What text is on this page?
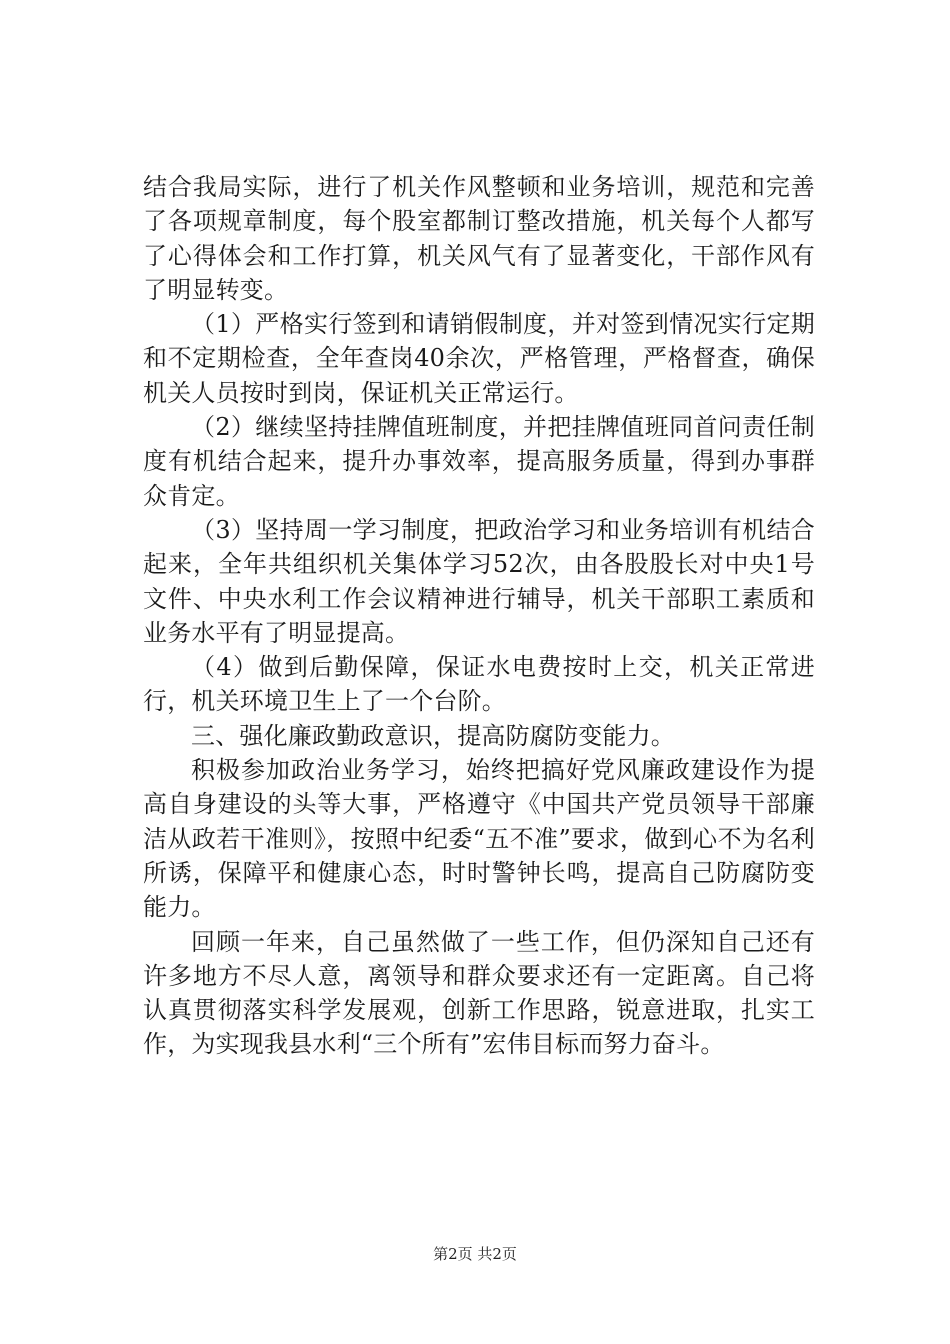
结合我局实际，进行了机关作风整顿和业务培训，规范和完善了各项规章制度，每个股室都制订整改措施，机关每个人都写了心得体会和工作打算，机关风气有了显著变化，干部作风有了明显转变。

（1）严格实行签到和请销假制度，并对签到情况实行定期和不定期检查，全年查岗40余次，严格管理，严格督查，确保机关人员按时到岗，保证机关正常运行。

（2）继续坚持挂牌值班制度，并把挂牌值班同首问责任制度有机结合起来，提升办事效率，提高服务质量，得到办事群众肯定。

（3）坚持周一学习制度，把政治学习和业务培训有机结合起来，全年共组织机关集体学习52次，由各股股长对中央1号文件、中央水利工作会议精神进行辅导，机关干部职工素质和业务水平有了明显提高。

（4）做到后勤保障，保证水电费按时上交，机关正常进行，机关环境卫生上了一个台阶。

三、强化廉政勤政意识，提高防腐防变能力。

积极参加政治业务学习，始终把搞好党风廉政建设作为提高自身建设的头等大事，严格遵守《中国共产党员领导干部廉洁从政若干准则》，按照中纪委“五不准”要求，做到心不为名利所诱，保障平和健康心态，时时警钟长鸣，提高自己防腐防变能力。

回顾一年来，自己虽然做了一些工作，但仍深知自己还有许多地方不尽人意，离领导和群众要求还有一定距离。自己将认真贯彻落实科学发展观，创新工作思路，锐意进取，扎实工作，为实现我县水利“三个所有”宏伟目标而努力奋斗。

第2页 共2页
